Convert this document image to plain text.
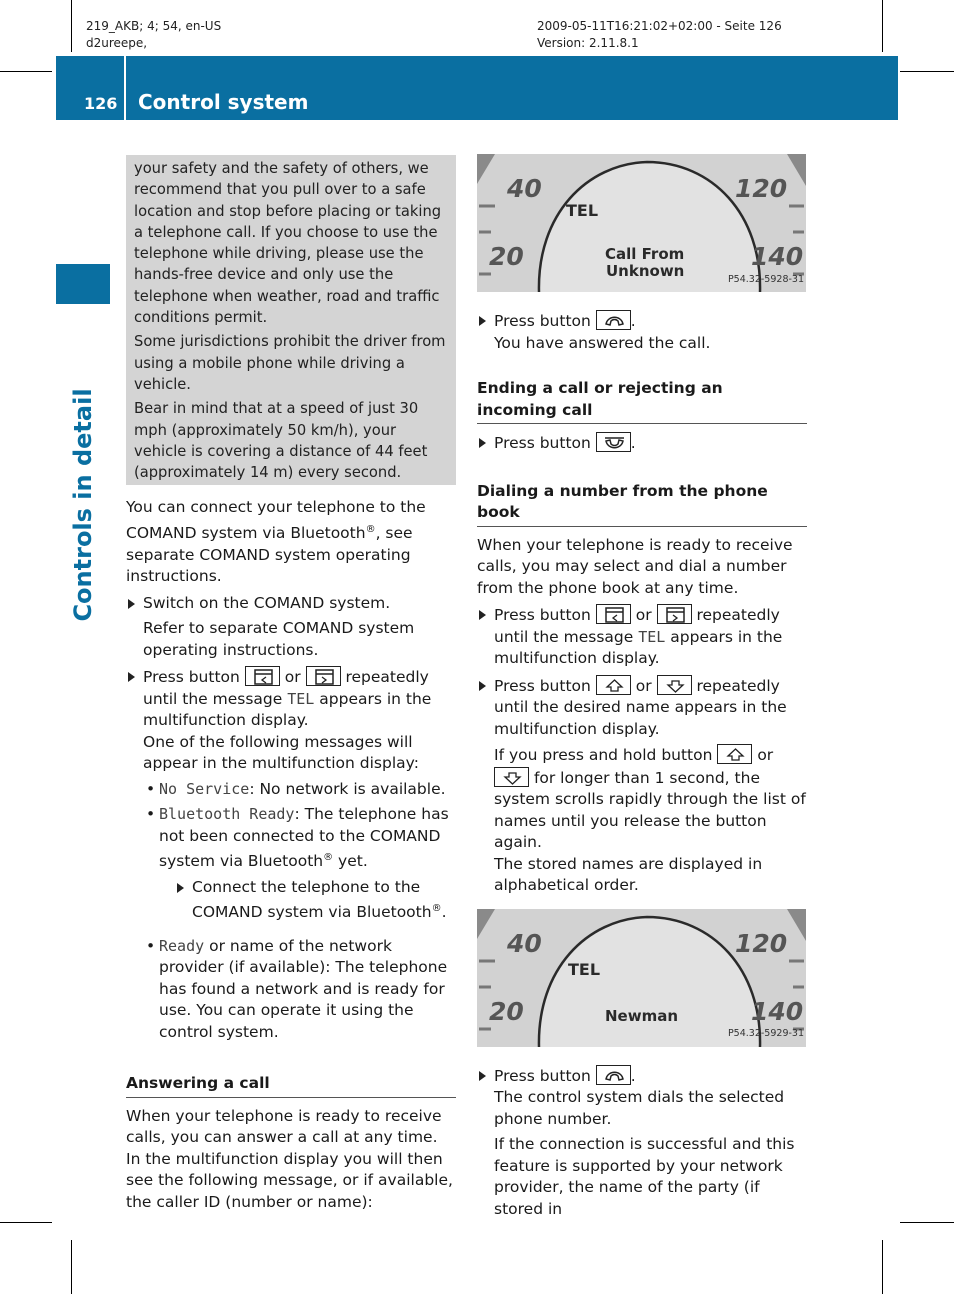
219_AKB; 4; 54, en-US
d2ureepe,
2009-05-11T16:21:02+02:00 - Seite 126
Version: 2.11.8.1
126 Control system
Controls in detail

your safety and the safety of others, we recommend that you pull over to a safe location and stop before placing or taking a telephone call. If you choose to use the telephone while driving, please use the hands-free device and only use the telephone when weather, road and traffic conditions permit.

Some jurisdictions prohibit the driver from using a mobile phone while driving a vehicle.

Bear in mind that at a speed of just 30 mph (approximately 50 km/h), your vehicle is covering a distance of 44 feet (approximately 14 m) every second.

You can connect your telephone to the COMAND system via Bluetooth®, see separate COMAND system operating instructions.

Switch on the COMAND system.
Refer to separate COMAND system operating instructions.
Press button	or	repeatedly until the message TEL appears in the multifunction display.
One of the following messages will appear in the multifunction display:
• No Service: No network is available.
• Bluetooth Ready: The telephone has not been connected to the COMAND system via Bluetooth® yet.
Connect the telephone to the COMAND system via Bluetooth®.
• Ready or name of the network provider (if available): The telephone has found a network and is ready for use. You can operate it using the control system.
Answering a call

When your telephone is ready to receive calls, you can answer a call at any time. In the multifunction display you will then see the following message, or if available, the caller ID (number or name):

40
20
120
140
TEL
Call From
Unknown	P54.32-5928-31
Press button	.
You have answered the call.
Ending a call or rejecting an incoming call
Press button	.
Dialing a number from the phone book

When your telephone is ready to receive calls, you may select and dial a number from the phone book at any time.

Press button	or	repeatedly until the message TEL appears in the multifunction display.
Press button	or	repeatedly until the desired name appears in the multifunction display.
If you press and hold button	or
for longer than 1 second, the system scrolls rapidly through the list of names until you release the button again.
The stored names are displayed in alphabetical order.
40
20
120
140
TEL
Newman
P54.32-5929-31
Press button	.
The control system dials the selected phone number.
If the connection is successful and this feature is supported by your network provider, the name of the party (if stored in
